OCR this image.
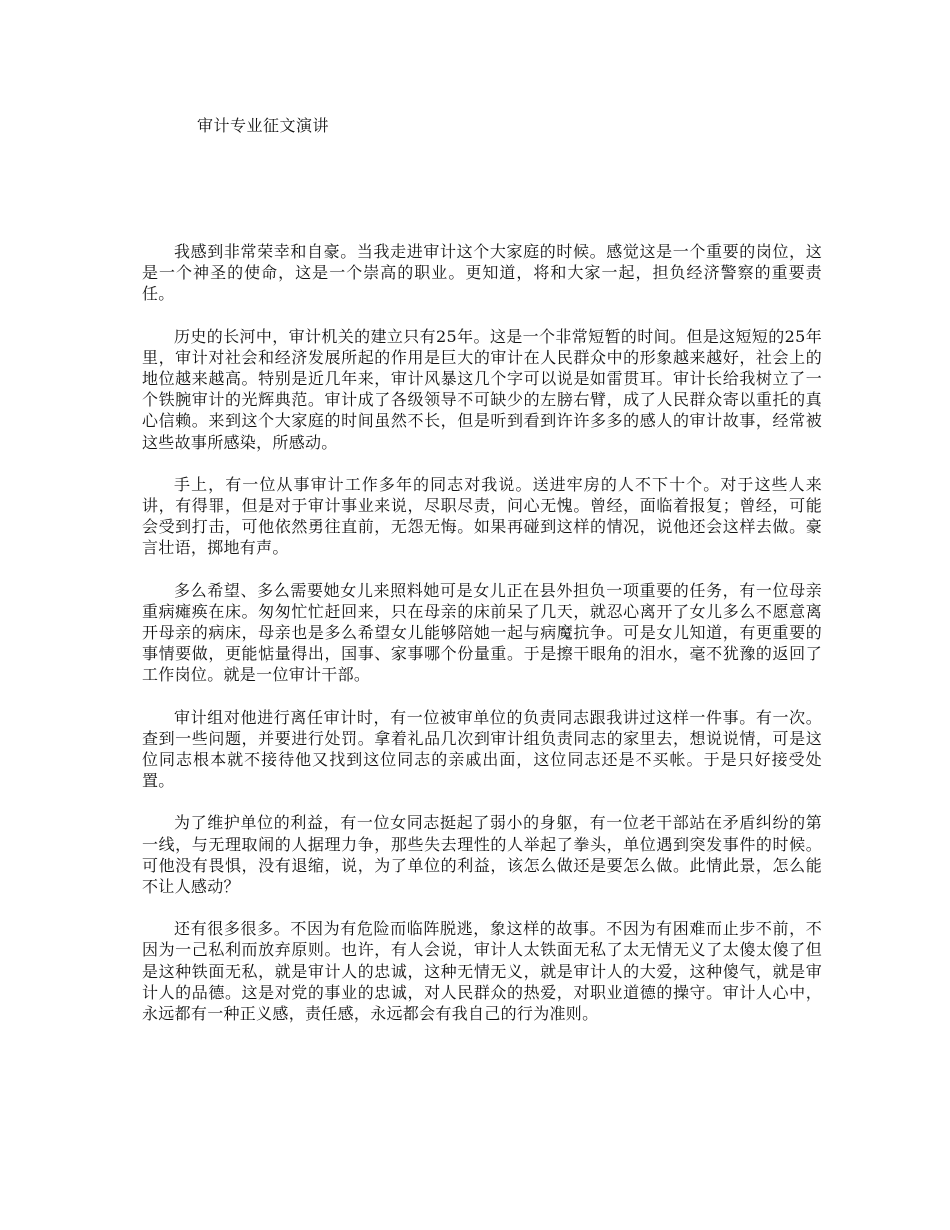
审计专业征文演讲

我感到非常荣幸和自豪。当我走进审计这个大家庭的时候。感觉这是一个重要的岗位，这是一个神圣的使命，这是一个崇高的职业。更知道，将和大家一起，担负经济警察的重要责任。

历史的长河中，审计机关的建立只有25年。这是一个非常短暂的时间。但是这短短的25年里，审计对社会和经济发展所起的作用是巨大的审计在人民群众中的形象越来越好，社会上的地位越来越高。特别是近几年来，审计风暴这几个字可以说是如雷贯耳。审计长给我树立了一个铁腕审计的光辉典范。审计成了各级领导不可缺少的左膀右臂，成了人民群众寄以重托的真心信赖。来到这个大家庭的时间虽然不长，但是听到看到许许多多的感人的审计故事，经常被这些故事所感染，所感动。

手上，有一位从事审计工作多年的同志对我说。送进牢房的人不下十个。对于这些人来讲，有得罪，但是对于审计事业来说，尽职尽责，问心无愧。曾经，面临着报复；曾经，可能会受到打击，可他依然勇往直前，无怨无悔。如果再碰到这样的情况，说他还会这样去做。豪言壮语，掷地有声。

多么希望、多么需要她女儿来照料她可是女儿正在县外担负一项重要的任务，有一位母亲重病瘫痪在床。匆匆忙忙赶回来，只在母亲的床前呆了几天，就忍心离开了女儿多么不愿意离开母亲的病床，母亲也是多么希望女儿能够陪她一起与病魔抗争。可是女儿知道，有更重要的事情要做，更能惦量得出，国事、家事哪个份量重。于是擦干眼角的泪水，毫不犹豫的返回了工作岗位。就是一位审计干部。

审计组对他进行离任审计时，有一位被审单位的负责同志跟我讲过这样一件事。有一次。查到一些问题，并要进行处罚。拿着礼品几次到审计组负责同志的家里去，想说说情，可是这位同志根本就不接待他又找到这位同志的亲戚出面，这位同志还是不买帐。于是只好接受处置。

为了维护单位的利益，有一位女同志挺起了弱小的身躯，有一位老干部站在矛盾纠纷的第一线，与无理取闹的人据理力争，那些失去理性的人举起了拳头，单位遇到突发事件的时候。可他没有畏惧，没有退缩，说，为了单位的利益，该怎么做还是要怎么做。此情此景，怎么能不让人感动？

还有很多很多。不因为有危险而临阵脱逃，象这样的故事。不因为有困难而止步不前，不因为一己私利而放弃原则。也许，有人会说，审计人太铁面无私了太无情无义了太傻太傻了但是这种铁面无私，就是审计人的忠诚，这种无情无义，就是审计人的大爱，这种傻气，就是审计人的品德。这是对党的事业的忠诚，对人民群众的热爱，对职业道德的操守。审计人心中，永远都有一种正义感，责任感，永远都会有我自己的行为准则。
